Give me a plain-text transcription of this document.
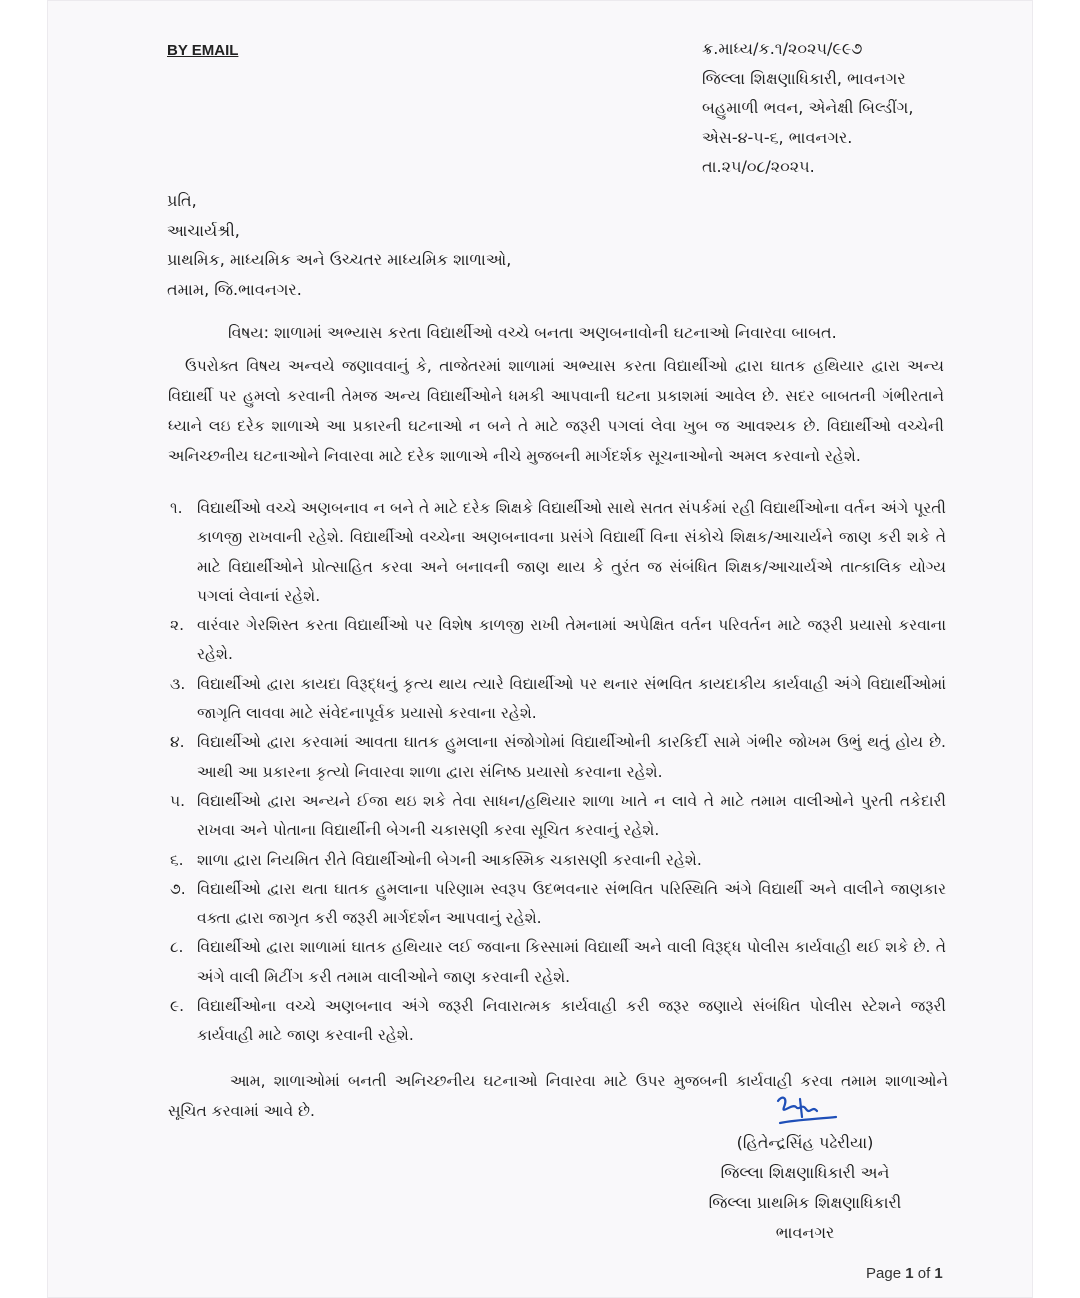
BY EMAIL	ક્ર.માધ્ય/ક.૧/૨૦૨૫/૯૯૭
જિલ્લા શિક્ષણાધિકારી, ભાવનગર
બહુમાળી ભવન, એનેક્ષી બિલ્ડીંગ,
એસ-૪-૫-૬, ભાવનગર.
તા.૨૫/૦૮/૨૦૨૫.
પ્રતિ,
આચાર્યશ્રી,
પ્રાથમિક, માધ્યમિક અને ઉચ્ચતર માધ્યમિક શાળાઓ,
તમામ, જિ.ભાવનગર.
વિષય: શાળામાં અભ્યાસ કરતા વિદ્યાર્થીઓ વચ્ચે બનતા અણબનાવોની ઘટનાઓ નિવારવા બાબત.
ઉપરોક્ત વિષય અન્વયે જણાવવાનું કે, તાજેતરમાં શાળામાં અભ્યાસ કરતા વિદ્યાર્થીઓ દ્વારા ઘાતક હથિયાર દ્વારા અન્ય વિદ્યાર્થી પર હુમલો કરવાની તેમજ અન્ય વિદ્યાર્થીઓને ધમકી આપવાની ઘટના પ્રકાશમાં આવેલ છે. સદર બાબતની ગંભીરતાને ધ્યાને લઇ દરેક શાળાએ આ પ્રકારની ઘટનાઓ ન બને તે માટે જરૂરી પગલાં લેવા ખુબ જ આવશ્યક છે. વિદ્યાર્થીઓ વચ્ચેની અનિચ્છનીય ઘટનાઓને નિવારવા માટે દરેક શાળાએ નીચે મુજબની માર્ગદર્શક સૂચનાઓનો અમલ કરવાનો રહેશે.
૧. વિદ્યાર્થીઓ વચ્ચે અણબનાવ ન બને તે માટે દરેક શિક્ષકે વિદ્યાર્થીઓ સાથે સતત સંપર્કમાં રહી વિદ્યાર્થીઓના વર્તન અંગે પૂરતી કાળજી રાખવાની રહેશે. વિદ્યાર્થીઓ વચ્ચેના અણબનાવના પ્રસંગે વિદ્યાર્થી વિના સંકોચે શિક્ષક/આચાર્યને જાણ કરી શકે તે માટે વિદ્યાર્થીઓને પ્રોત્સાહિત કરવા અને બનાવની જાણ થાય કે તુરંત જ સંબંધિત શિક્ષક/આચાર્યએ તાત્કાલિક યોગ્ય પગલાં લેવાનાં રહેશે.
૨. વારંવાર ગેરશિસ્ત કરતા વિદ્યાર્થીઓ પર વિશેષ કાળજી રાખી તેમનામાં અપેક્ષિત વર્તન પરિવર્તન માટે જરૂરી પ્રયાસો કરવાના રહેશે.
૩. વિદ્યાર્થીઓ દ્વારા કાયદા વિરૂદ્ધનું કૃત્ય થાય ત્યારે વિદ્યાર્થીઓ પર થનાર સંભવિત કાયદાકીય કાર્યવાહી અંગે વિદ્યાર્થીઓમાં જાગૃતિ લાવવા માટે સંવેદનાપૂર્વક પ્રયાસો કરવાના રહેશે.
૪. વિદ્યાર્થીઓ દ્વારા કરવામાં આવતા ઘાતક હુમલાના સંજોગોમાં વિદ્યાર્થીઓની કારકિર્દી સામે ગંભીર જોખમ ઉભું થતું હોય છે. આથી આ પ્રકારના કૃત્યો નિવારવા શાળા દ્વારા સંનિષ્ઠ પ્રયાસો કરવાના રહેશે.
૫. વિદ્યાર્થીઓ દ્વારા અન્યને ઈજા થઇ શકે તેવા સાધન/હથિયાર શાળા ખાતે ન લાવે તે માટે તમામ વાલીઓને પુરતી તકેદારી રાખવા અને પોતાના વિદ્યાર્થીની બેગની ચકાસણી કરવા સૂચિત કરવાનું રહેશે.
૬. શાળા દ્વારા નિયમિત રીતે વિદ્યાર્થીઓની બેગની આકસ્મિક ચકાસણી કરવાની રહેશે.
૭. વિદ્યાર્થીઓ દ્વારા થતા ઘાતક હુમલાના પરિણામ સ્વરૂપ ઉદભવનાર સંભવિત પરિસ્થિતિ અંગે વિદ્યાર્થી અને વાલીને જાણકાર વક્તા દ્વારા જાગૃત કરી જરૂરી માર્ગદર્શન આપવાનું રહેશે.
૮. વિદ્યાર્થીઓ દ્વારા શાળામાં ઘાતક હથિયાર લઈ જવાના કિસ્સામાં વિદ્યાર્થી અને વાલી વિરૂદ્ધ પોલીસ કાર્યવાહી થઈ શકે છે. તે અંગે વાલી મિટીંગ કરી તમામ વાલીઓને જાણ કરવાની રહેશે.
૯. વિદ્યાર્થીઓના વચ્ચે અણબનાવ અંગે જરૂરી નિવારાત્મક કાર્યવાહી કરી જરૂર જણાયે સંબંધિત પોલીસ સ્ટેશને જરૂરી કાર્યવાહી માટે જાણ કરવાની રહેશે.
આમ, શાળાઓમાં બનતી અનિચ્છનીય ઘટનાઓ નિવારવા માટે ઉપર મુજબની કાર્યવાહી કરવા તમામ શાળાઓને સૂચિત કરવામાં આવે છે.
(હિતેન્દ્રસિંહ પઢેરીયા)
જિલ્લા શિક્ષણાધિકારી અને
જિલ્લા પ્રાથમિક શિક્ષણાધિકારી
ભાવનગર
Page 1 of 1
